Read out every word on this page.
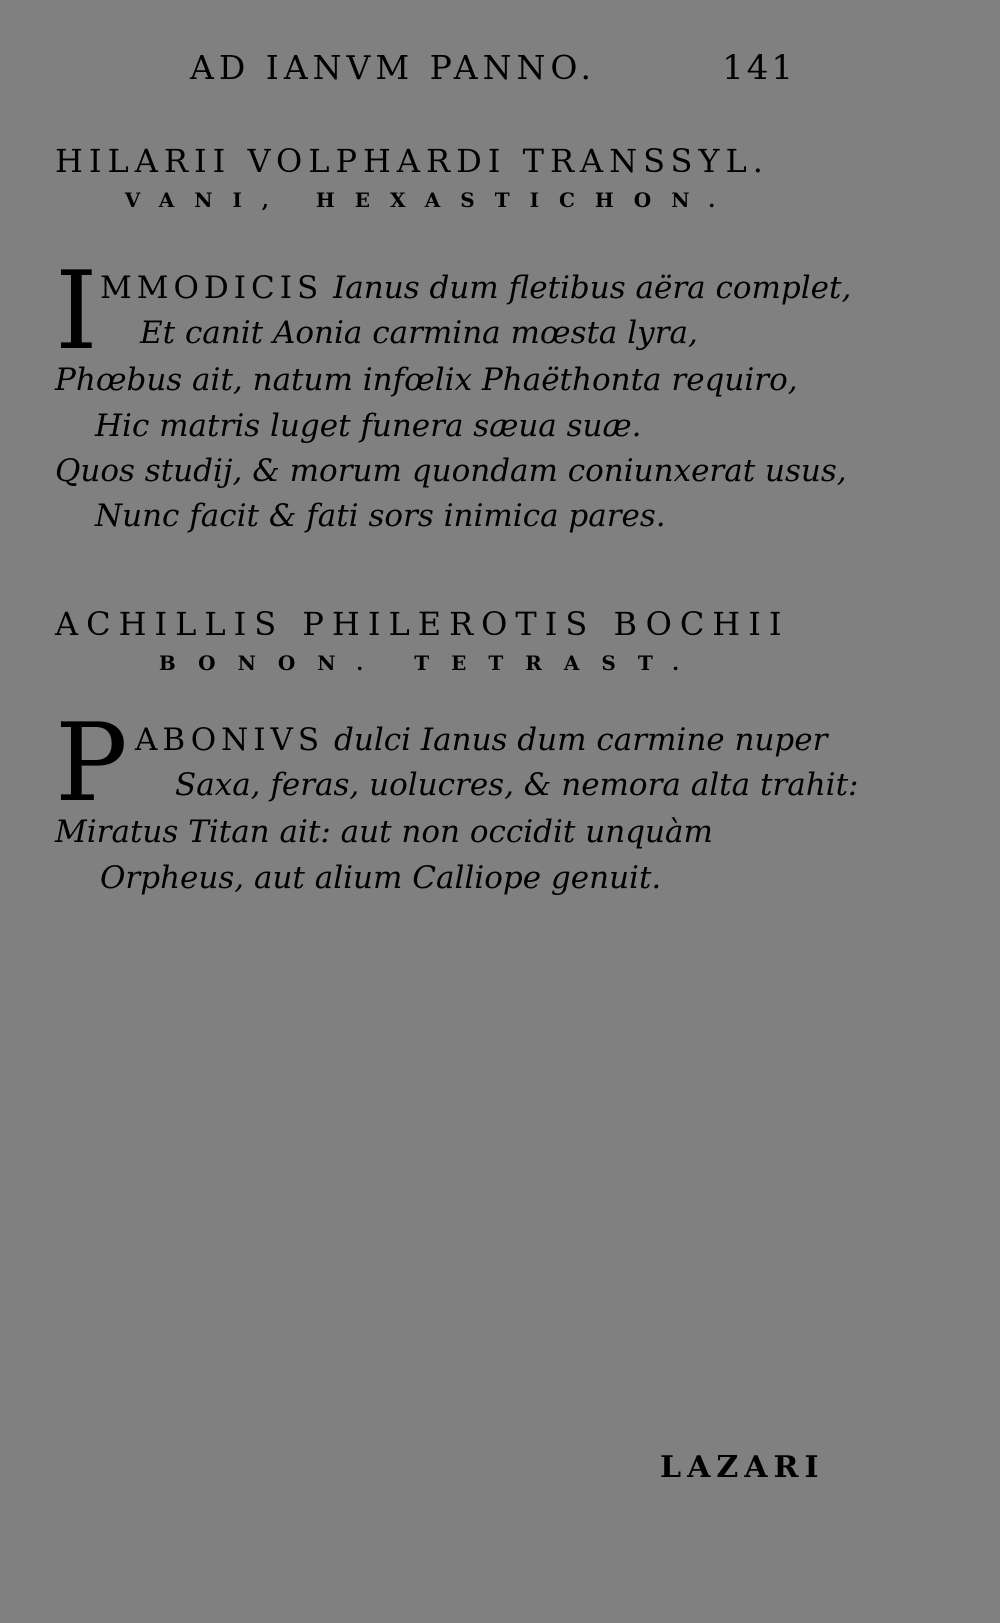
AD IANVM PANNO.	141
HILARII VOLPHARDI TRANSSYL.
VANI, HEXASTICHON.
I MMODICIS Ianus dum fletibus aëra complet,
Et canit Aonia carmina mœsta lyra,
Phœbus ait, natum infœlix Phaëthonta requiro,
Hic matris luget funera sæua suæ.
Quos studij, & morum quondam coniunxerat usus,
Nunc facit & fati sors inimica pares.
ACHILLIS PHILEROTIS BOCHII
BONON. TETRAST.
P ABONIVS dulci Ianus dum carmine nuper
Saxa, feras, uolucres, & nemora alta trahit:
Miratus Titan ait: aut non occidit unquàm
Orpheus, aut alium Calliope genuit.
LAZARI
